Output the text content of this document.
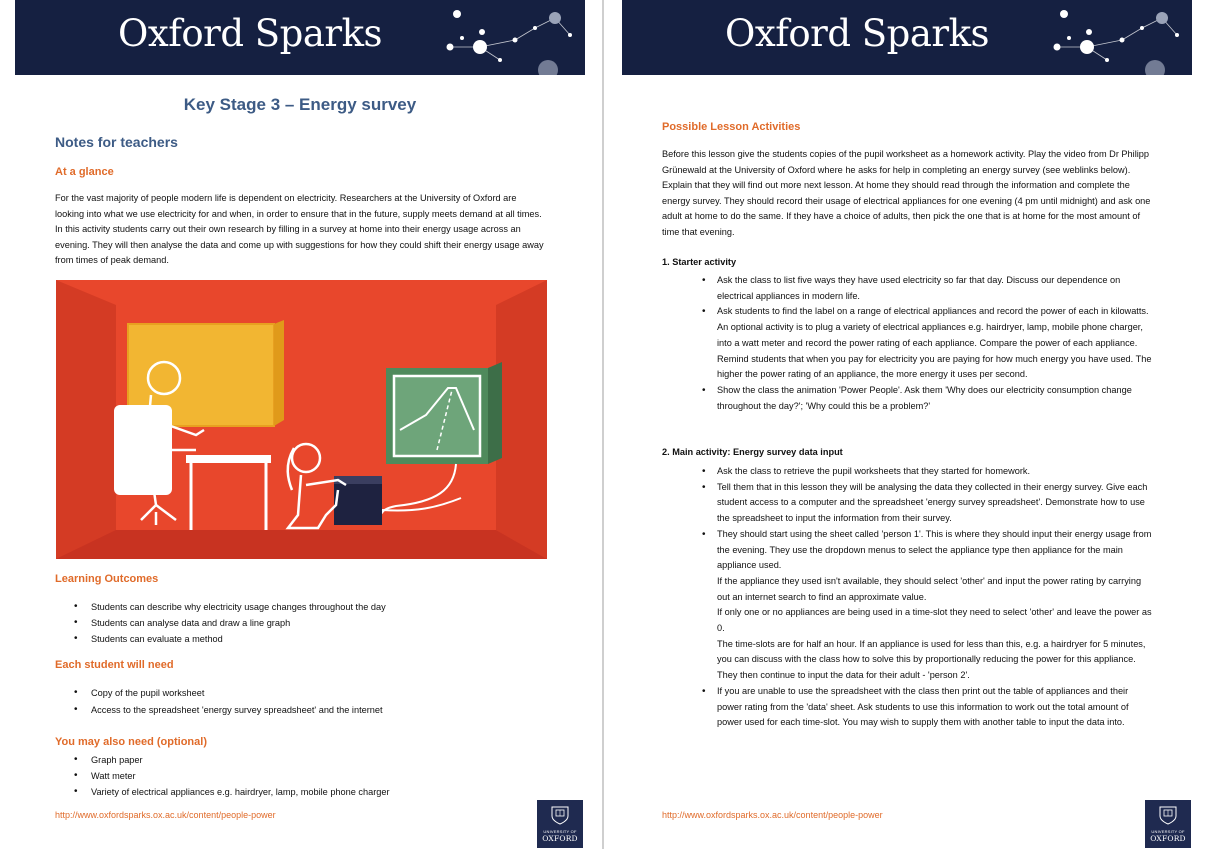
Oxford Sparks
Key Stage 3 – Energy survey
Notes for teachers
At a glance
For the vast majority of people modern life is dependent on electricity. Researchers at the University of Oxford are looking into what we use electricity for and when, in order to ensure that in the future, supply meets demand at all times. In this activity students carry out their own research by filling in a survey at home into their energy usage across an evening. They will then analyse the data and come up with suggestions for how they could shift their energy usage away from times of peak demand.
Learning Outcomes
• Students can describe why electricity usage changes throughout the day
• Students can analyse data and draw a line graph
• Students can evaluate a method
Each student will need
• Copy of the pupil worksheet
• Access to the spreadsheet 'energy survey spreadsheet' and the internet
You may also need (optional)
• Graph paper
• Watt meter
• Variety of electrical appliances e.g. hairdryer, lamp, mobile phone charger
http://www.oxfordsparks.ox.ac.uk/content/people-power
UNIVERSITY OF
OXFORD
Oxford Sparks
Possible Lesson Activities
Before this lesson give the students copies of the pupil worksheet as a homework activity. Play the video from Dr Philipp Grünewald at the University of Oxford where he asks for help in completing an energy survey (see weblinks below). Explain that they will find out more next lesson. At home they should read through the information and complete the energy survey. They should record their usage of electrical appliances for one evening (4 pm until midnight) and ask one adult at home to do the same. If they have a choice of adults, then pick the one that is at home for the most amount of time that evening.
1. Starter activity
• Ask the class to list five ways they have used electricity so far that day. Discuss our dependence on electrical appliances in modern life.
• Ask students to find the label on a range of electrical appliances and record the power of each in kilowatts. An optional activity is to plug a variety of electrical appliances e.g. hairdryer, lamp, mobile phone charger, into a watt meter and record the power rating of each appliance. Compare the power of each appliance. Remind students that when you pay for electricity you are paying for how much energy you have used. The higher the power rating of an appliance, the more energy it uses per second.
• Show the class the animation 'Power People'. Ask them 'Why does our electricity consumption change throughout the day?'; 'Why could this be a problem?'
2. Main activity: Energy survey data input
• Ask the class to retrieve the pupil worksheets that they started for homework.
• Tell them that in this lesson they will be analysing the data they collected in their energy survey. Give each student access to a computer and the spreadsheet 'energy survey spreadsheet'. Demonstrate how to use the spreadsheet to input the information from their survey.
• They should start using the sheet called 'person 1'. This is where they should input their energy usage from the evening. They use the dropdown menus to select the appliance type then appliance for the main appliance used.
If the appliance they used isn't available, they should select 'other' and input the power rating by carrying out an internet search to find an approximate value.
If only one or no appliances are being used in a time-slot they need to select 'other' and leave the power as 0.
The time-slots are for half an hour. If an appliance is used for less than this, e.g. a hairdryer for 5 minutes, you can discuss with the class how to solve this by proportionally reducing the power for this appliance.
They then continue to input the data for their adult - 'person 2'.
• If you are unable to use the spreadsheet with the class then print out the table of appliances and their power rating from the 'data' sheet. Ask students to use this information to work out the total amount of power used for each time-slot. You may wish to supply them with another table to input the data into.
http://www.oxfordsparks.ox.ac.uk/content/people-power
UNIVERSITY OF
OXFORD
